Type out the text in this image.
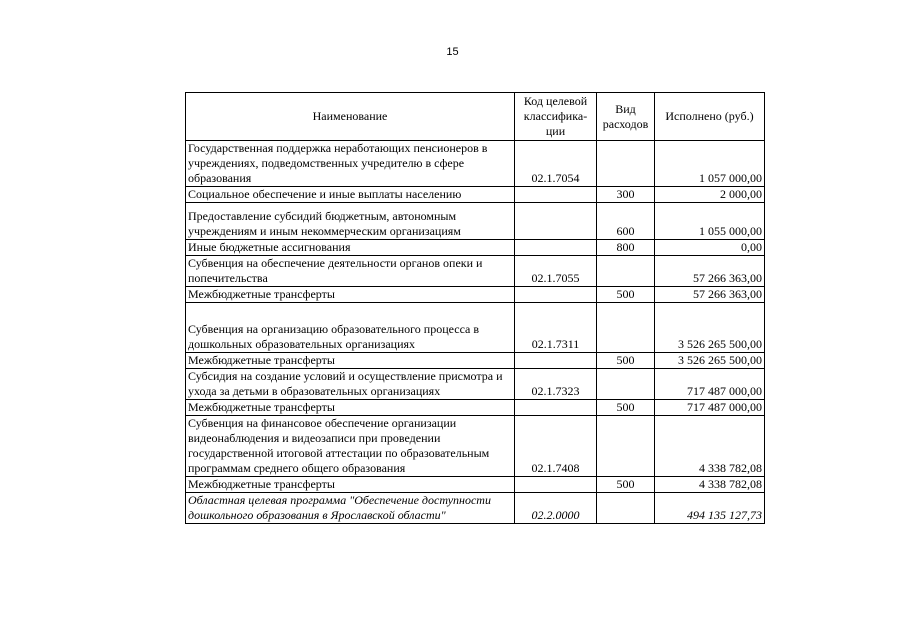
15
Наименование	Код целевой классифика-ции	Вид расходов	Исполнено (руб.)
Государственная поддержка неработающих пенсионеров в учреждениях, подведомственных учредителю в сфере образования	02.1.7054		1 057 000,00
Социальное обеспечение и иные выплаты населению		300	2 000,00
Предоставление субсидий бюджетным, автономным учреждениям и иным некоммерческим организациям		600	1 055 000,00
Иные бюджетные ассигнования		800	0,00
Субвенция на обеспечение деятельности органов опеки и попечительства	02.1.7055		57 266 363,00
Межбюджетные трансферты		500	57 266 363,00
Субвенция на организацию образовательного процесса в дошкольных образовательных организациях	02.1.7311		3 526 265 500,00
Межбюджетные трансферты		500	3 526 265 500,00
Субсидия на создание условий и осуществление присмотра и ухода за детьми в образовательных организациях	02.1.7323		717 487 000,00
Межбюджетные трансферты		500	717 487 000,00
Субвенция на финансовое обеспечение организации видеонаблюдения и видеозаписи при проведении государственной итоговой аттестации по образовательным программам среднего общего образования	02.1.7408		4 338 782,08
Межбюджетные трансферты		500	4 338 782,08
Областная целевая программа "Обеспечение доступности дошкольного образования в Ярославской области"	02.2.0000		494 135 127,73
